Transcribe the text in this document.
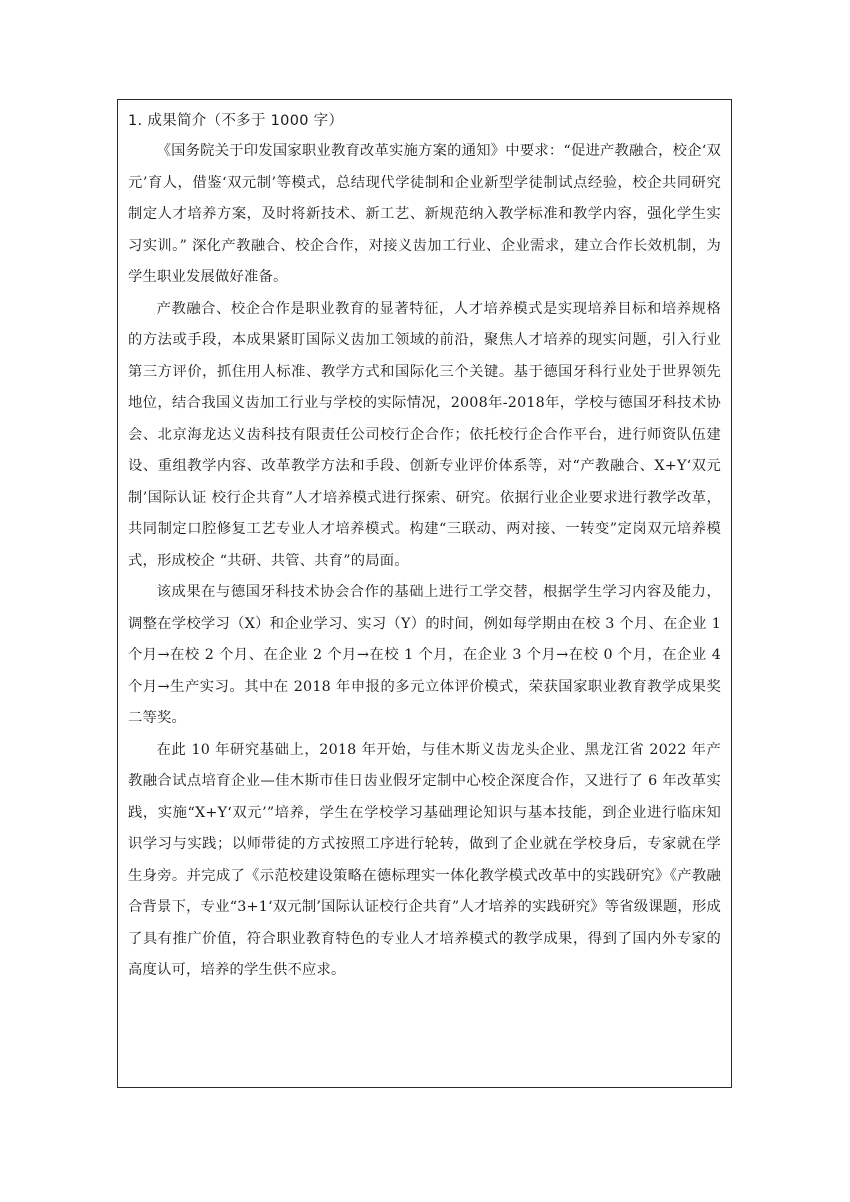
1. 成果简介（不多于 1000 字）

《国务院关于印发国家职业教育改革实施方案的通知》中要求：“促进产教融合，校企‘双元’育人，借鉴‘双元制’等模式，总结现代学徒制和企业新型学徒制试点经验，校企共同研究制定人才培养方案，及时将新技术、新工艺、新规范纳入教学标准和教学内容，强化学生实习实训。” 深化产教融合、校企合作，对接义齿加工行业、企业需求，建立合作长效机制，为学生职业发展做好准备。

产教融合、校企合作是职业教育的显著特征，人才培养模式是实现培养目标和培养规格的方法或手段，本成果紧盯国际义齿加工领域的前沿，聚焦人才培养的现实问题，引入行业第三方评价，抓住用人标准、教学方式和国际化三个关键。基于德国牙科行业处于世界领先地位，结合我国义齿加工行业与学校的实际情况，2008年-2018年，学校与德国牙科技术协会、北京海龙达义齿科技有限责任公司校行企合作；依托校行企合作平台，进行师资队伍建设、重组教学内容、改革教学方法和手段、创新专业评价体系等，对“产教融合、X+Y‘双元制’国际认证 校行企共育”人才培养模式进行探索、研究。依据行业企业要求进行教学改革，共同制定口腔修复工艺专业人才培养模式。构建“三联动、两对接、一转变”定岗双元培养模式，形成校企 “共研、共管、共育”的局面。

该成果在与德国牙科技术协会合作的基础上进行工学交替，根据学生学习内容及能力，调整在学校学习（X）和企业学习、实习（Y）的时间，例如每学期由在校 3 个月、在企业 1 个月→在校 2 个月、在企业 2 个月→在校 1 个月，在企业 3 个月→在校 0 个月，在企业 4 个月→生产实习。其中在 2018 年申报的多元立体评价模式，荣获国家职业教育教学成果奖二等奖。

在此 10 年研究基础上，2018 年开始，与佳木斯义齿龙头企业、黑龙江省 2022 年产教融合试点培育企业—佳木斯市佳日齿业假牙定制中心校企深度合作，又进行了 6 年改革实践，实施“X+Y‘双元’”培养，学生在学校学习基础理论知识与基本技能，到企业进行临床知识学习与实践；以师带徒的方式按照工序进行轮转，做到了企业就在学校身后，专家就在学生身旁。并完成了《示范校建设策略在德标理实一体化教学模式改革中的实践研究》《产教融合背景下，专业“3+1‘双元制’国际认证校行企共育”人才培养的实践研究》等省级课题，形成了具有推广价值，符合职业教育特色的专业人才培养模式的教学成果，得到了国内外专家的高度认可，培养的学生供不应求。
